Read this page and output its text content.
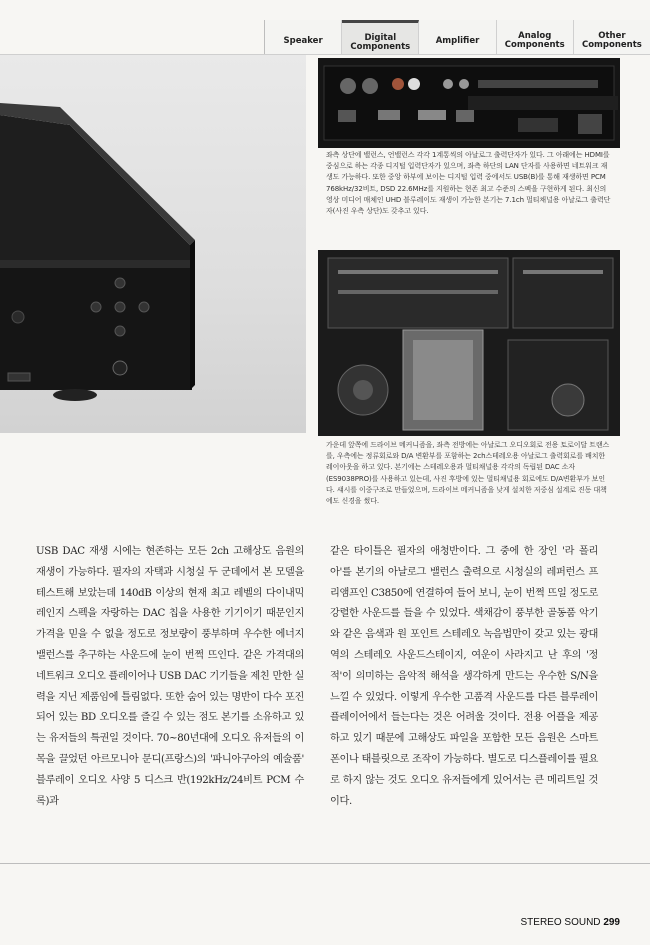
Speaker	Digital
Components
Amplifier	Analog
Components
Other
Components
좌측 상단에 밸런스, 언밸런스 각각 1계통씩의 아날로그 출력단자가 있다. 그 아래에는 HDMI를 중심으로 하는 각종 디지털 입력단자가 있으며, 좌측 하단의 LAN 단자를 사용하면 네트워크 재생도 가능하다. 또한 중앙 하부에 보이는 디지털 입력 중에서도 USB(B)를 통해 재생하면 PCM 768kHz/32비트, DSD 22.6MHz를 지원하는 현존 최고 수준의 스펙을 구현하게 된다. 최신의 영상 미디어 매체인 UHD 블루레이도 재생이 가능한 본기는 7.1ch 멀티채널용 아날로그 출력단자(사진 우측 상단)도 갖추고 있다.
가운데 앞쪽에 드라이브 메커니즘을, 좌측 전방에는 아날로그 오디오회로 전용 토로이달 트랜스를, 우측에는 정류회로와 D/A 변환부를 포함하는 2ch스테레오용 아날로그 출력회로를 배치한 레이아웃을 하고 있다. 본기에는 스테레오용과 멀티채널용 각각의 독립된 DAC 소자(ES9038PRO)를 사용하고 있는데, 사진 후방에 있는 멀티채널용 회로에도 D/A변환부가 보인다. 섀시를 이중구조로 만들었으며, 드라이브 메커니즘을 낮게 설치한 저중심 설계로 진동 대책에도 신경을 썼다.

USB DAC 재생 시에는 현존하는 모든 2ch 고해상도 음원의 재생이 가능하다. 필자의 자택과 시청실 두 군데에서 본 모델을 테스트해 보았는데 140dB 이상의 현재 최고 레벨의 다이내믹 레인지 스펙을 자랑하는 DAC 칩을 사용한 기기이기 때문인지 가격을 믿을 수 없을 정도로 정보량이 풍부하며 우수한 에너지 밸런스를 추구하는 사운드에 눈이 번쩍 뜨인다. 같은 가격대의 네트워크 오디오 플레이어나 USB DAC 기기들을 제친 만한 실력을 지닌 제품임에 틀림없다. 또한 숨어 있는 명반이 다수 포진되어 있는 BD 오디오를 즐길 수 있는 점도 본기를 소유하고 있는 유저들의 특권일 것이다. 70~80년대에 오디오 유저들의 이목을 끌었던 아르모니아 문디(프랑스)의 '파니아구아의 예술품' 블루레이 오디오 사양 5 디스크 반(192kHz/24비트 PCM 수록)과

같은 타이틀은 필자의 애청반이다. 그 중에 한 장인 '라 폴리아'를 본기의 아날로그 밸런스 출력으로 시청실의 레퍼런스 프리앰프인 C3850에 연결하여 들어 보니, 눈이 번쩍 뜨일 정도로 강렬한 사운드를 들을 수 있었다. 색채감이 풍부한 골동품 악기와 같은 음색과 원 포인트 스테레오 녹음법만이 갖고 있는 광대역의 스테레오 사운드스테이지, 여운이 사라지고 난 후의 '정적'이 의미하는 음악적 해석을 생각하게 만드는 우수한 S/N을 느낄 수 있었다. 이렇게 우수한 고품격 사운드를 다른 블루레이 플레이어에서 들는다는 것은 어려울 것이다. 전용 어플을 제공하고 있기 때문에 고해상도 파일을 포함한 모든 음원은 스마트폰이나 태블릿으로 조작이 가능하다. 별도로 디스플레이를 필요로 하지 않는 것도 오디오 유저들에게 있어서는 큰 메리트일 것이다.

STEREO SOUND 299
